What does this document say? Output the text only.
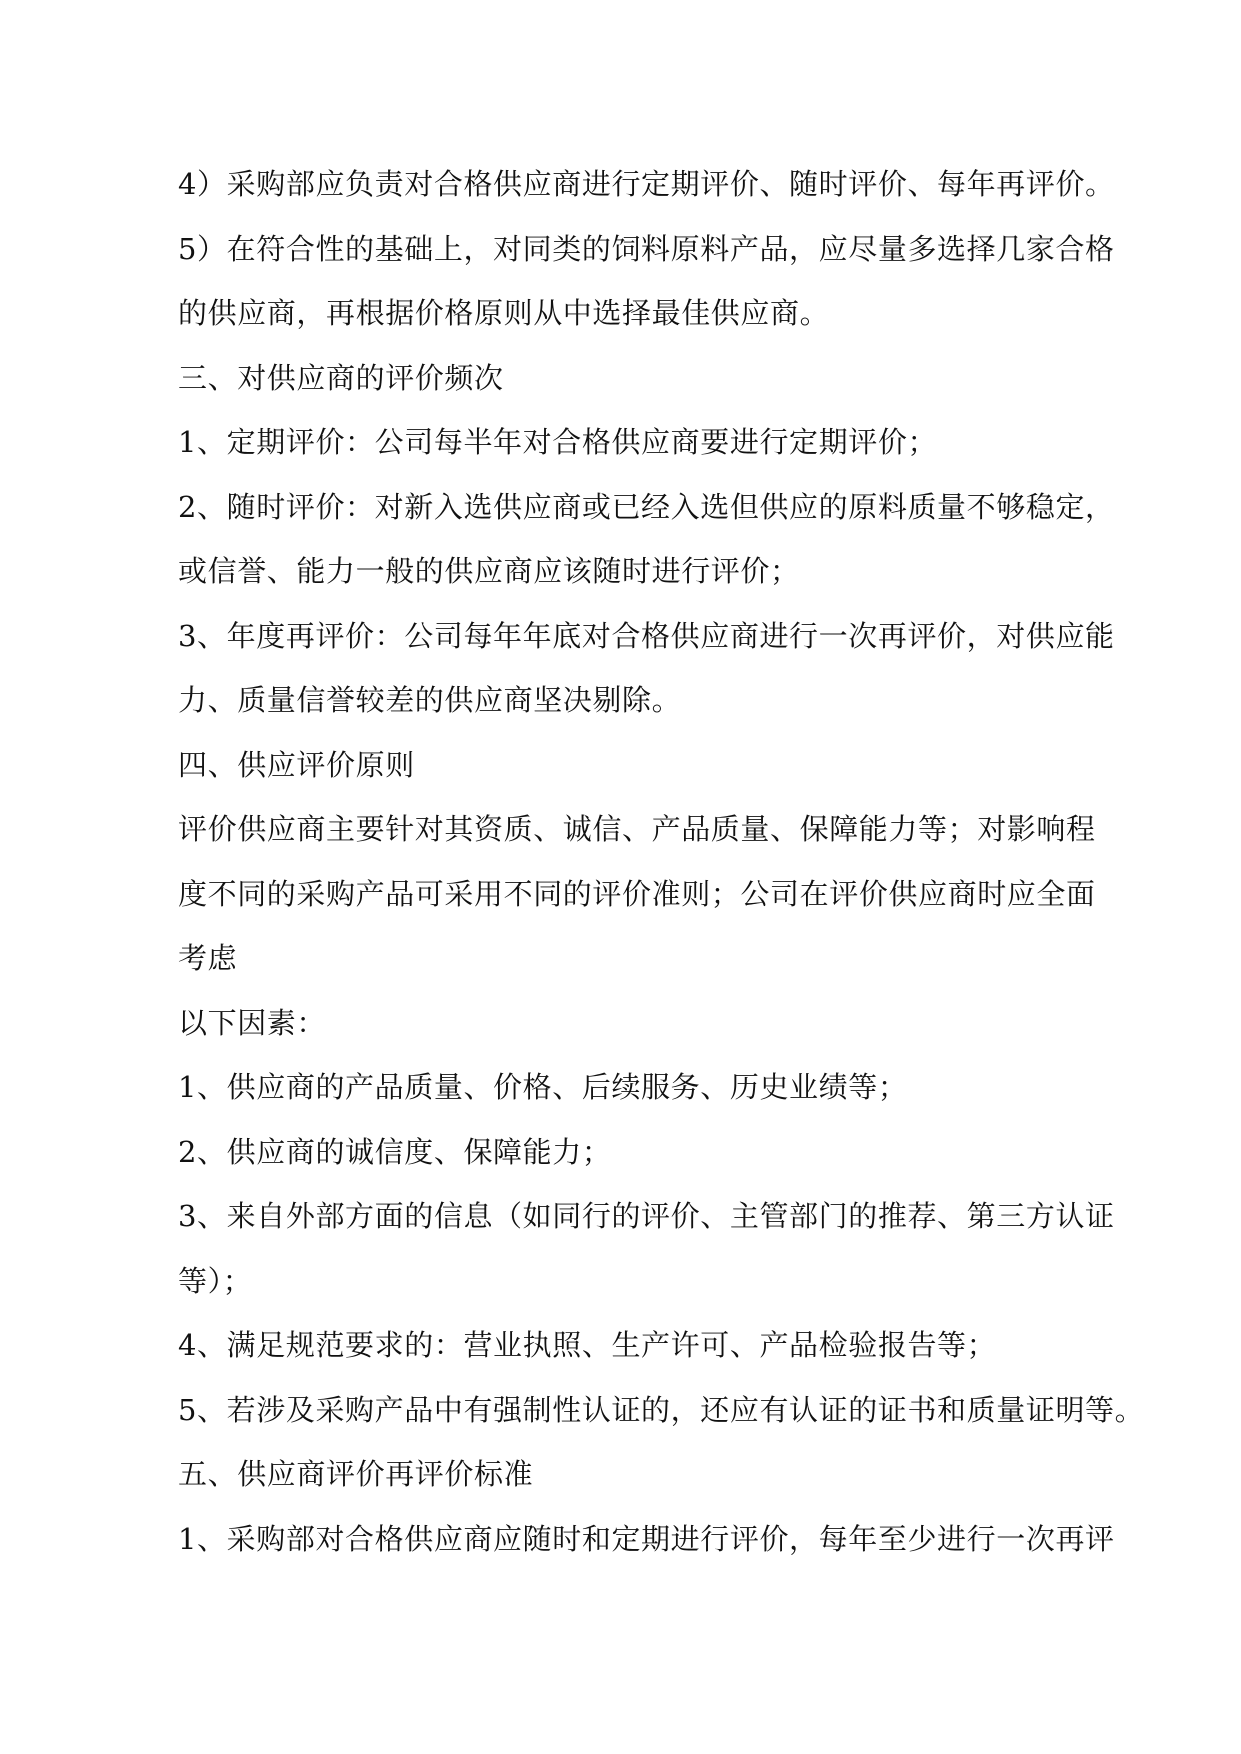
4）采购部应负责对合格供应商进行定期评价、随时评价、每年再评价。
5）在符合性的基础上，对同类的饲料原料产品，应尽量多选择几家合格
的供应商，再根据价格原则从中选择最佳供应商。
三、对供应商的评价频次
1、定期评价：公司每半年对合格供应商要进行定期评价；
2、随时评价：对新入选供应商或已经入选但供应的原料质量不够稳定，
或信誉、能力一般的供应商应该随时进行评价；
3、年度再评价：公司每年年底对合格供应商进行一次再评价，对供应能
力、质量信誉较差的供应商坚决剔除。
四、供应评价原则
评价供应商主要针对其资质、诚信、产品质量、保障能力等；对影响程
度不同的采购产品可采用不同的评价准则；公司在评价供应商时应全面
考虑
以下因素：
1、供应商的产品质量、价格、后续服务、历史业绩等；
2、供应商的诚信度、保障能力；
3、来自外部方面的信息（如同行的评价、主管部门的推荐、第三方认证
等）；
4、满足规范要求的：营业执照、生产许可、产品检验报告等；
5、若涉及采购产品中有强制性认证的，还应有认证的证书和质量证明等。
五、供应商评价再评价标准
1、采购部对合格供应商应随时和定期进行评价，每年至少进行一次再评
